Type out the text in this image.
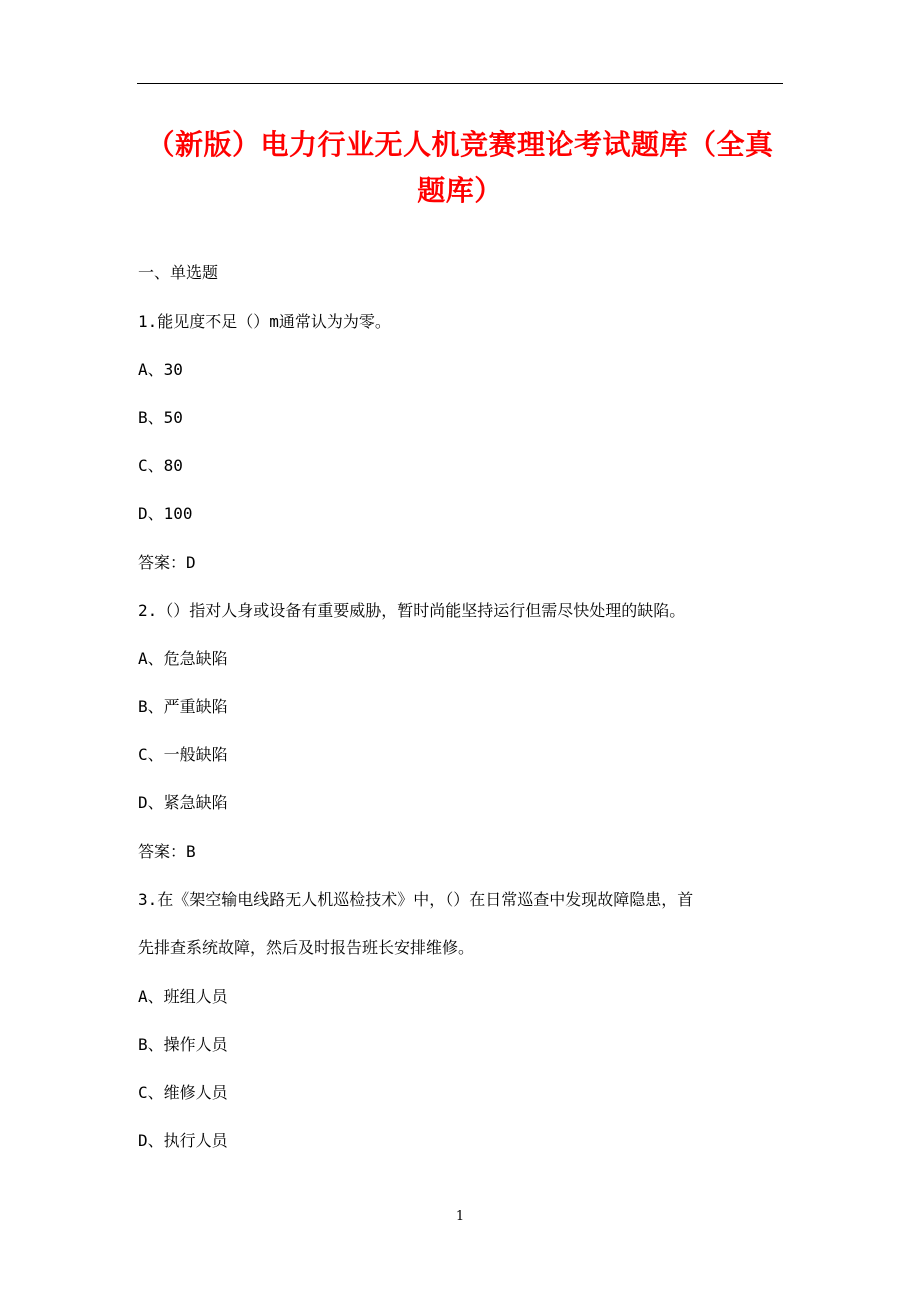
（新版）电力行业无人机竞赛理论考试题库（全真题库）

一、单选题

1.能见度不足（）m通常认为为零。

A、30

B、50

C、80

D、100

答案：D

2.（）指对人身或设备有重要威胁，暂时尚能坚持运行但需尽快处理的缺陷。

A、危急缺陷

B、严重缺陷

C、一般缺陷

D、紧急缺陷

答案：B

3.在《架空输电线路无人机巡检技术》中，（）在日常巡查中发现故障隐患，首

先排查系统故障，然后及时报告班长安排维修。

A、班组人员

B、操作人员

C、维修人员

D、执行人员

1
